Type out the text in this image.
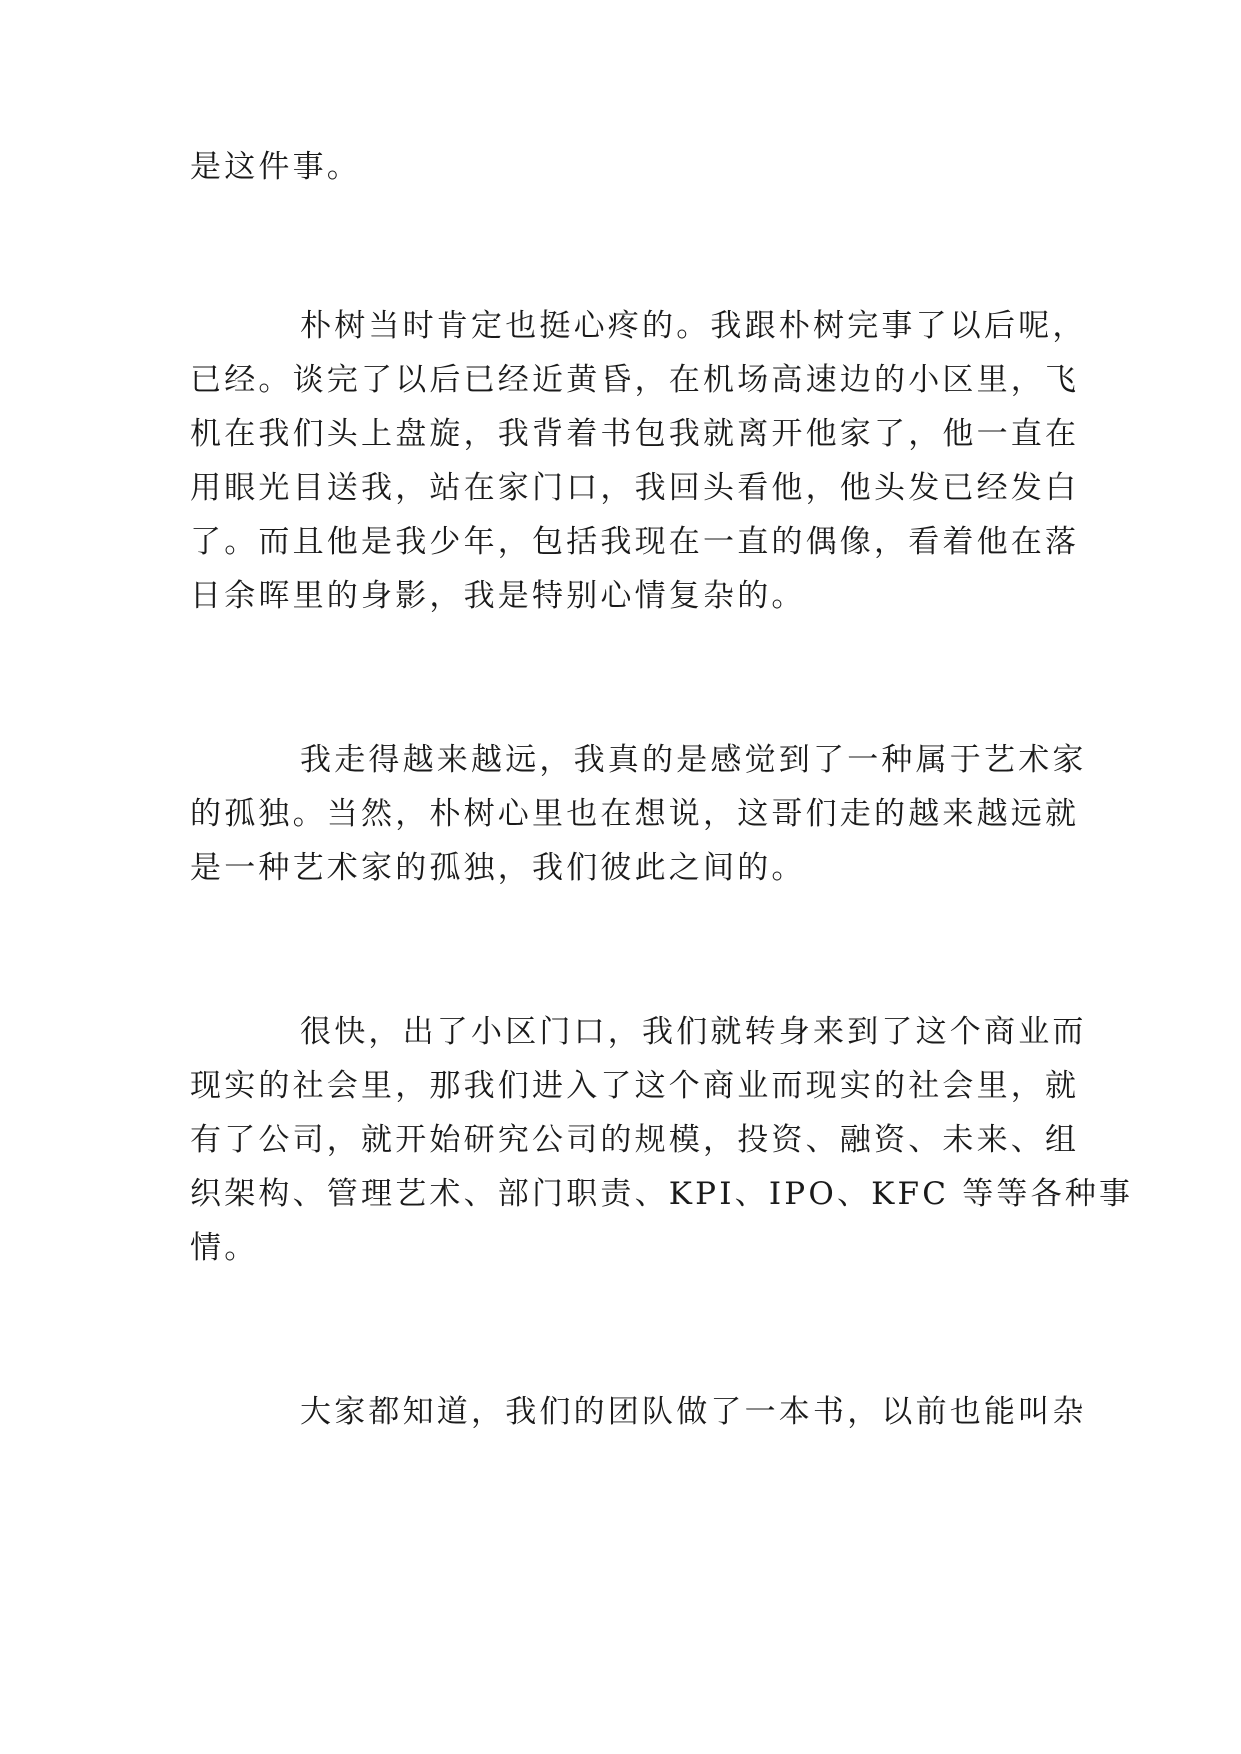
是这件事。
朴树当时肯定也挺心疼的。我跟朴树完事了以后呢，
已经。谈完了以后已经近黄昏，在机场高速边的小区里，飞
机在我们头上盘旋，我背着书包我就离开他家了，他一直在
用眼光目送我，站在家门口，我回头看他，他头发已经发白
了。而且他是我少年，包括我现在一直的偶像，看着他在落
日余晖里的身影，我是特别心情复杂的。
我走得越来越远，我真的是感觉到了一种属于艺术家
的孤独。当然，朴树心里也在想说，这哥们走的越来越远就
是一种艺术家的孤独，我们彼此之间的。
很快，出了小区门口，我们就转身来到了这个商业而
现实的社会里，那我们进入了这个商业而现实的社会里，就
有了公司，就开始研究公司的规模，投资、融资、未来、组
织架构、管理艺术、部门职责、KPI、IPO、KFC 等等各种事
情。
大家都知道，我们的团队做了一本书，以前也能叫杂
